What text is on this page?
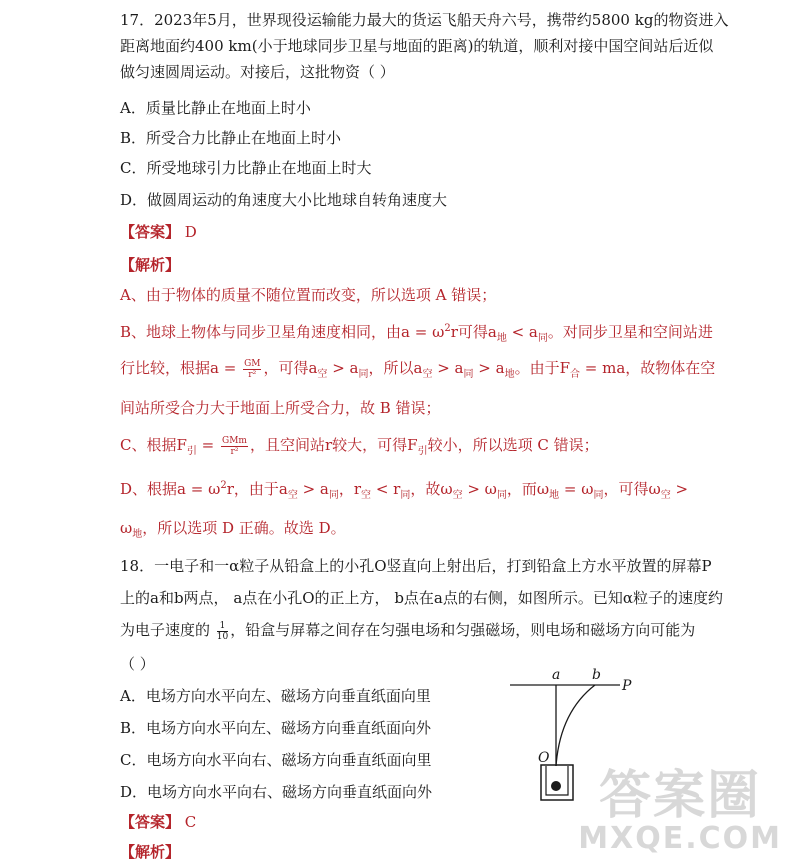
17．2023年5月，世界现役运输能力最大的货运飞船天舟六号，携带约5800 kg的物资进入
距离地面约400 km(小于地球同步卫星与地面的距离)的轨道，顺利对接中国空间站后近似
做匀速圆周运动。对接后，这批物资（ ）
A．质量比静止在地面上时小
B．所受合力比静止在地面上时小
C．所受地球引力比静止在地面上时大
D．做圆周运动的角速度大小比地球自转角速度大
【答案】 D
【解析】
A、由于物体的质量不随位置而改变，所以选项 A 错误；
B、地球上物体与同步卫星角速度相同，由$a = \omega^2r$可得$a_地 < a_同$。对同步卫星和空间站进
行比较，根据$a = \frac{GM}{\text{r²}}$ ，可得$a_空 > a_同$，所以$a_空 > a_同 > a_地$。由于$F_合$ = ma，故物体在空
间站所受合力大于地面上所受合力，故 B 错误；
C、根据$F_引 = \frac{\text{GMm}}{\text{r²}}$ ，且空间站r较大，可得$F_引$较小，所以选项 C 错误；
D、根据$a = \omega^2r$，由于$a_空 > a_同$，$r_空 < r_同$，故$\omega_空 > \omega_同$，而$\omega_地 = \omega_同$，可得$\omega_空$ >
$\omega_地$，所以选项 D 正确。故选 D。
18．一电子和一α粒子从铅盒上的小孔O竖直向上射出后，打到铅盒上方水平放置的屏幕P
上的a和b两点， a点在小孔O的正上方， b点在a点的右侧，如图所示。已知α粒子的速度约
为电子速度的 $\frac{1}{10}$ ，铅盒与屏幕之间存在匀强电场和匀强磁场，则电场和磁场方向可能为
（ ）
A．电场方向水平向左、磁场方向垂直纸面向里
B．电场方向水平向左、磁场方向垂直纸面向外
C．电场方向水平向右、磁场方向垂直纸面向里
D．电场方向水平向右、磁场方向垂直纸面向外
【答案】 C
【解析】
a b
P
O
答案圈
MXQE.COM
